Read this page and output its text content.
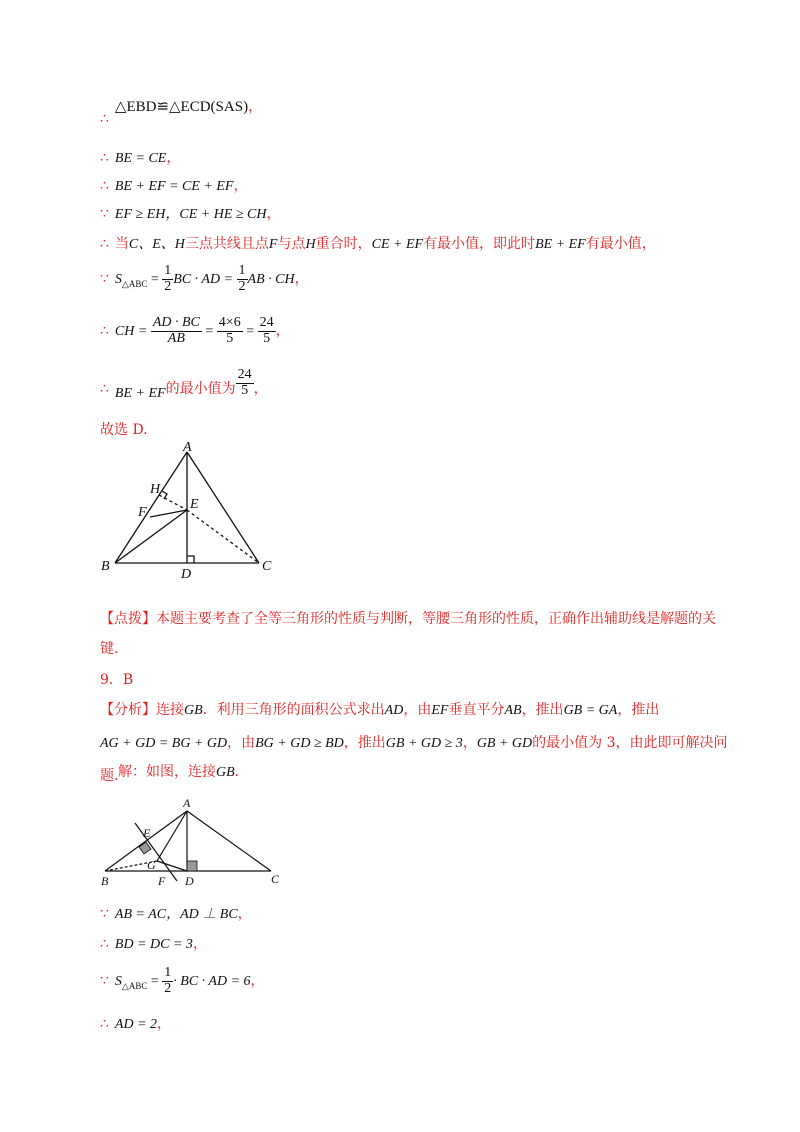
∴△EBD≌△ECD(SAS)，
∴ BE = CE，
∴ BE + EF = CE + EF，
∵ EF ≥ EH，CE + HE ≥ CH，
∴ 当C、E、H三点共线且点F与点H重合时，CE + EF有最小值，即此时BE + EF有最小值，
∵ $S_{\triangle ABC} = \frac{1}{2}$ BC · AD = $\frac{1}{2}$ AB · CH，
∴ CH = $\frac{AD \cdot BC}{AB} = \frac{4\times 6}{5} = \frac{24}{5}$ ，
∴ BE + EF的最小值为 $\frac{24}{5}$ ，
故选 D.
A
B	C
D
E
F
H
【点拨】本题主要考查了全等三角形的性质与判断，等腰三角形的性质，正确作出辅助线是解题的关键.
9．B
【分析】连接GB．利用三角形的面积公式求出AD，由EF垂直平分AB，推出GB = GA，推出
AG + GD = BG + GD，由BG + GD ≥ BD，推出GB + GD ≥ 3，GB + GD的最小值为 3，由此即可解决问题. 解：如图，连接GB．
A
B	C
D
E
F
G
∵ AB = AC，AD ⊥ BC，
∴ BD = DC = 3，
∵ $S_{\triangle ABC} = \frac{1}{2}$ · BC · AD = 6，
∴ AD = 2，
